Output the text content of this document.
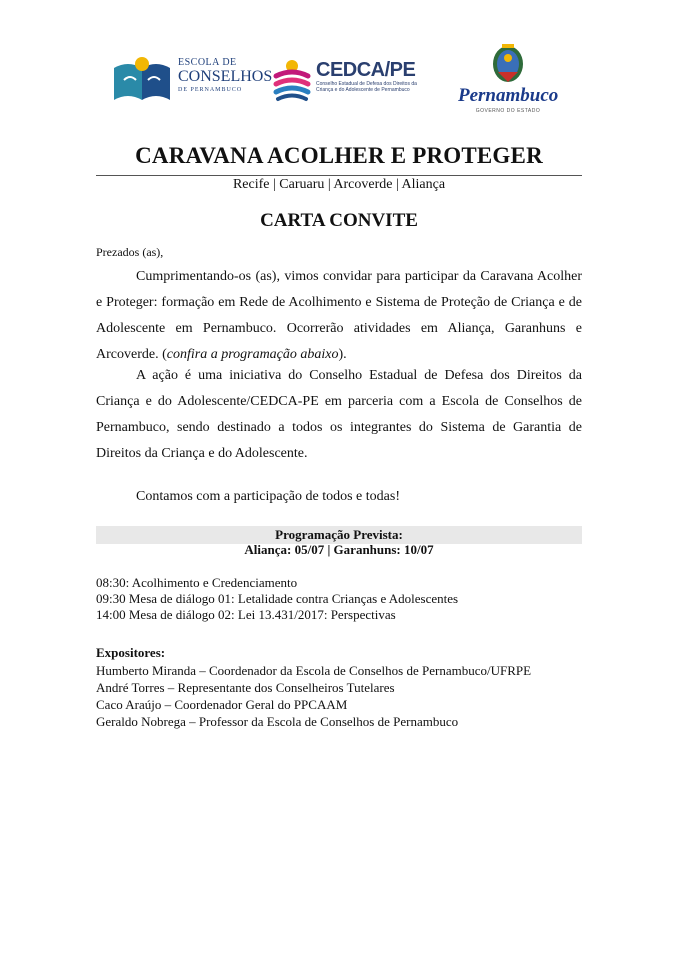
ESCOLA DE
CONSELHOS
DE PERNAMBUCO
CEDCA/PE
Conselho Estadual de Defesa dos Direitos da Criança e do Adolescente de Pernambuco	Pernambuco
GOVERNO DO ESTADO
CARAVANA ACOLHER E PROTEGER
Recife | Caruaru | Arcoverde | Aliança
CARTA CONVITE
Prezados (as),

Cumprimentando-os (as), vimos convidar para participar da Caravana Acolher e Proteger: formação em Rede de Acolhimento e Sistema de Proteção de Criança e de Adolescente em Pernambuco. Ocorrerão atividades em Aliança, Garanhuns e Arcoverde. (confira a programação abaixo).

A ação é uma iniciativa do Conselho Estadual de Defesa dos Direitos da Criança e do Adolescente/CEDCA-PE em parceria com a Escola de Conselhos de Pernambuco, sendo destinado a todos os integrantes do Sistema de Garantia de Direitos da Criança e do Adolescente.

Contamos com a participação de todos e todas!

Programação Prevista:
Aliança: 05/07 | Garanhuns: 10/07
08:30: Acolhimento e Credenciamento
09:30 Mesa de diálogo 01: Letalidade contra Crianças e Adolescentes
14:00 Mesa de diálogo 02: Lei 13.431/2017: Perspectivas
Expositores:
Humberto Miranda – Coordenador da Escola de Conselhos de Pernambuco/UFRPE
André Torres – Representante dos Conselheiros Tutelares
Caco Araújo – Coordenador Geral do PPCAAM
Geraldo Nobrega – Professor da Escola de Conselhos de Pernambuco
